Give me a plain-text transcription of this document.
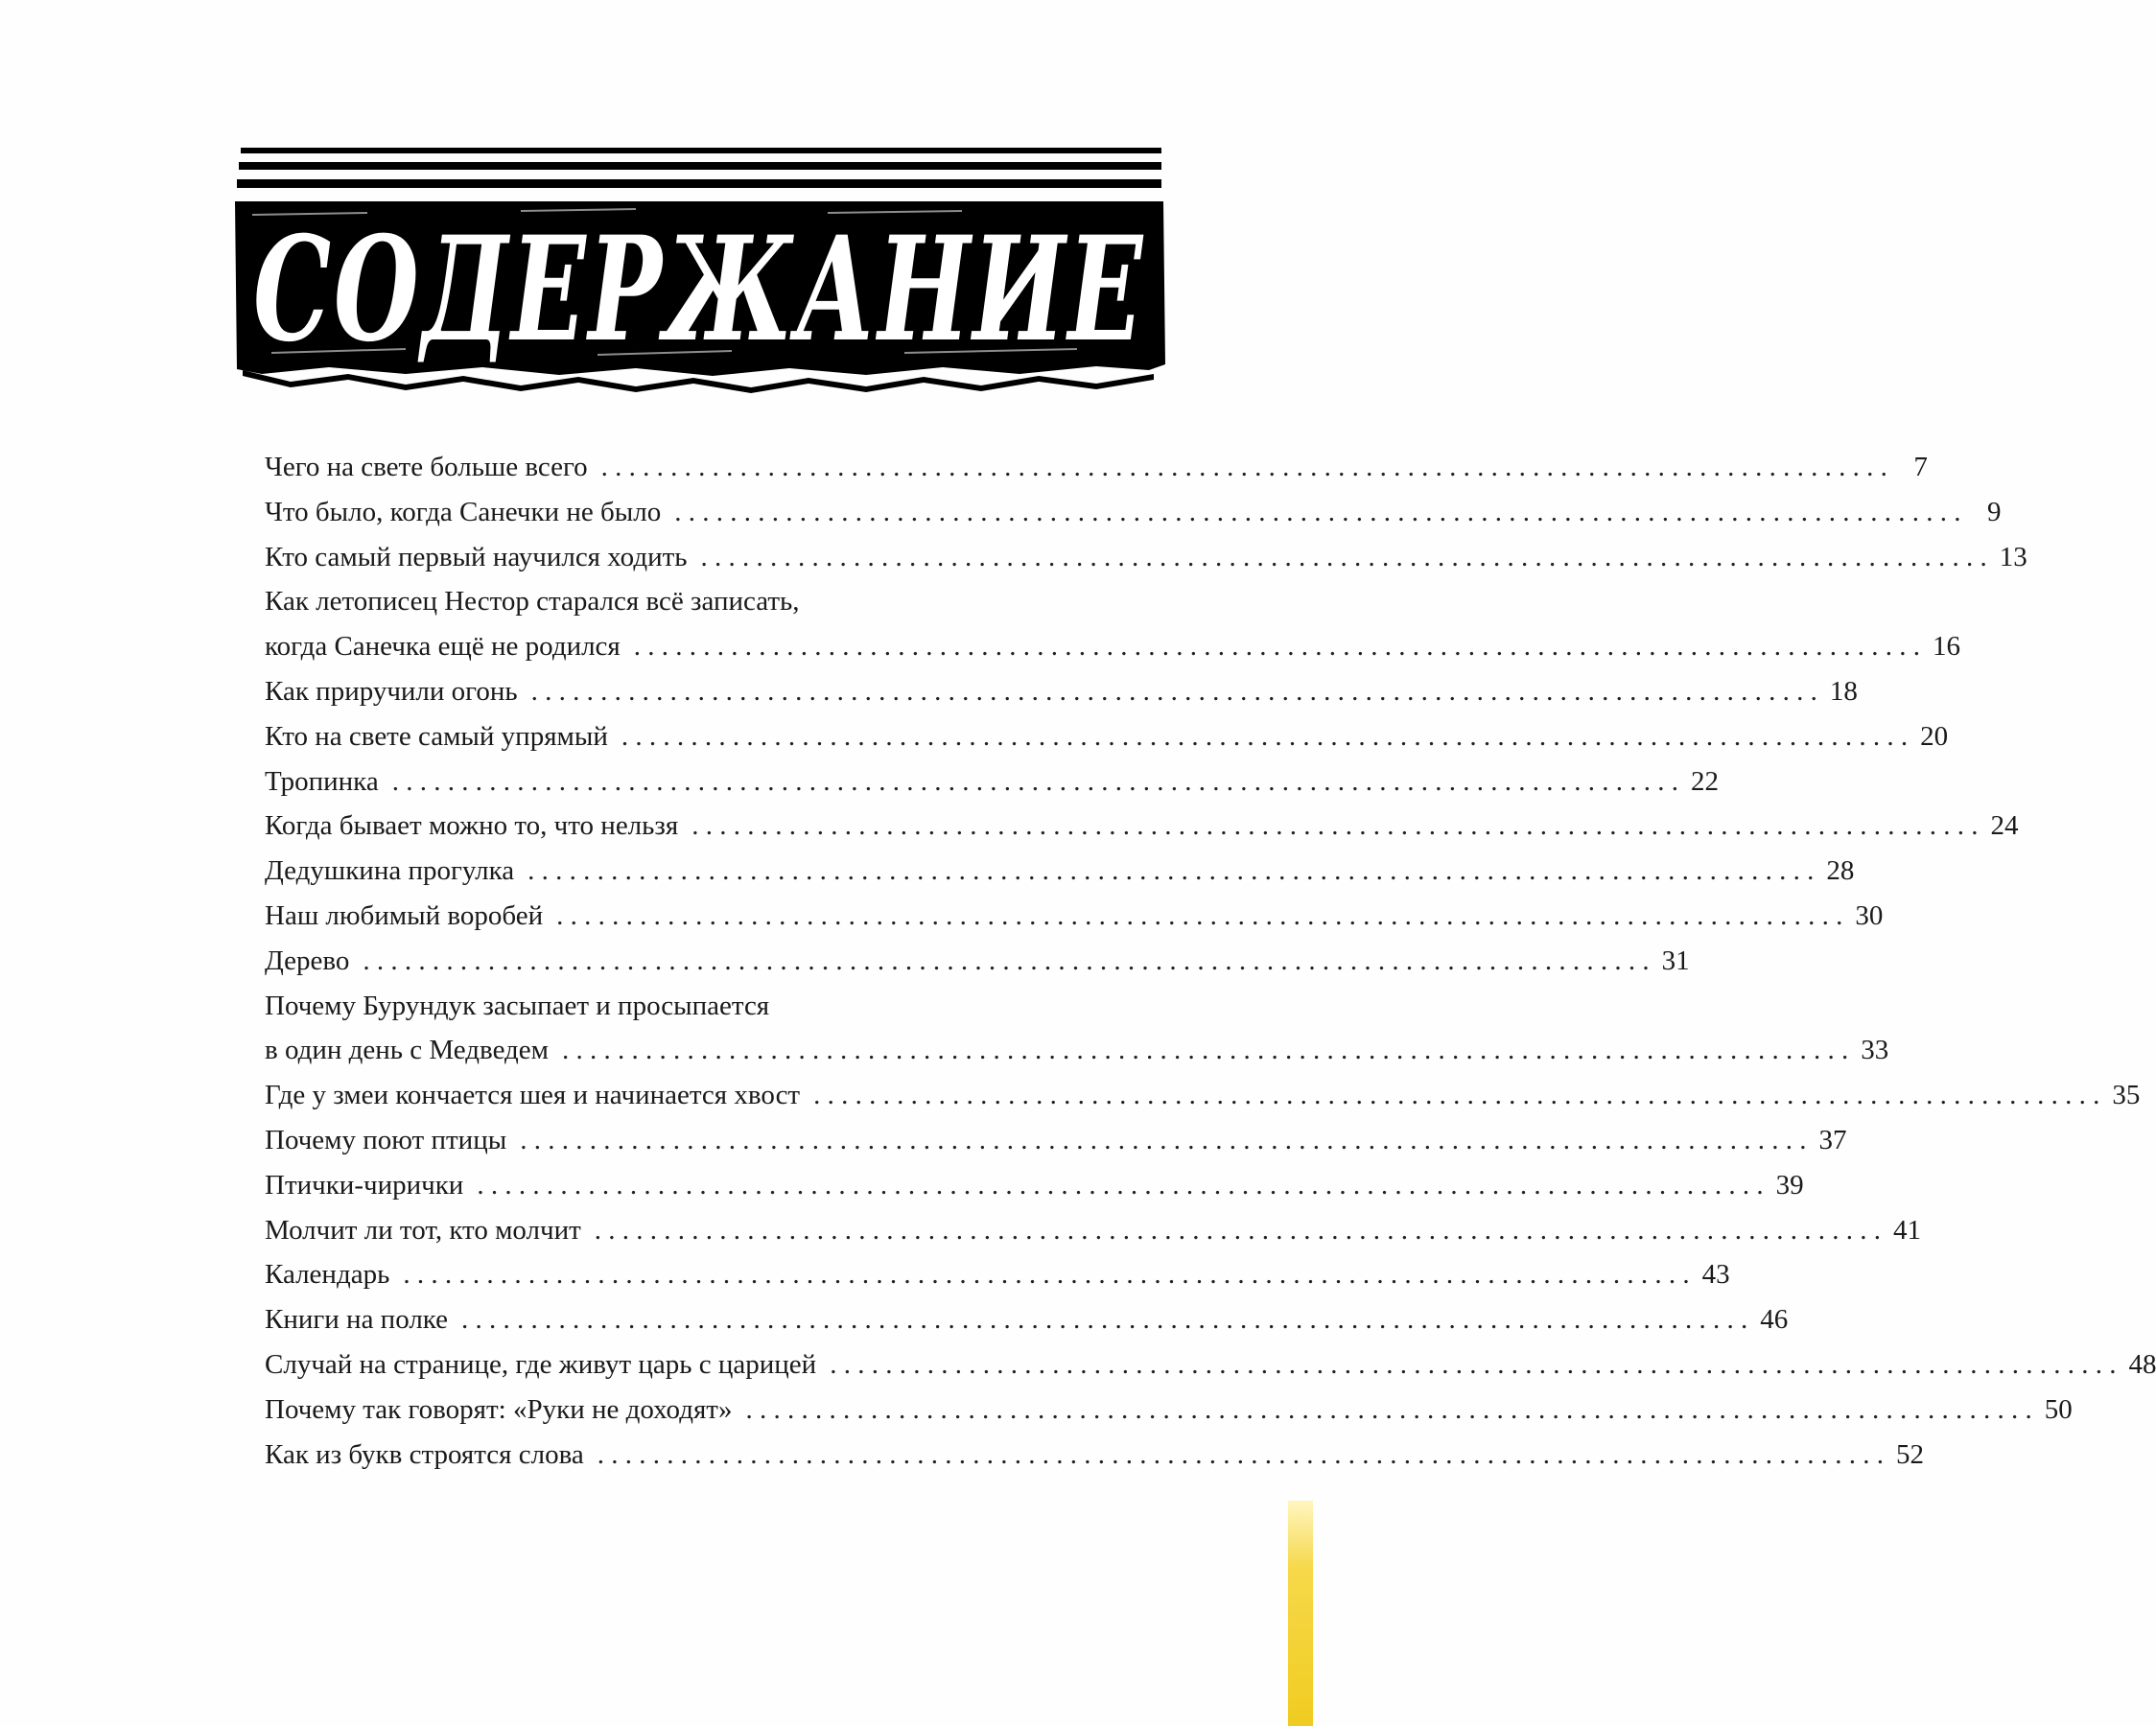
СОДЕРЖАНИЕ
Чего на свете больше всего . . .	7
Что было, когда Санечки не было . . .	9
Кто самый первый научился ходить . . .	13
Как летописец Нестор старался всё записать,
когда Санечка ещё не родился . . .	16
Как приручили огонь . . .	18
Кто на свете самый упрямый . . .	20
Тропинка . . .	22
Когда бывает можно то, что нельзя . . .	24
Дедушкина прогулка . . .	28
Наш любимый воробей . . .	30
Дерево . . .	31
Почему Бурундук засыпает и просыпается
в один день с Медведем . . .	33
Где у змеи кончается шея и начинается хвост . . .	35
Почему поют птицы . . .	37
Птички-чирички . . .	39
Молчит ли тот, кто молчит . . .	41
Календарь . . .	43
Книги на полке . . .	46
Случай на странице, где живут царь с царицей . . .	48
Почему так говорят: «Руки не доходят» . . .	50
Как из букв строятся слова . . .	52
